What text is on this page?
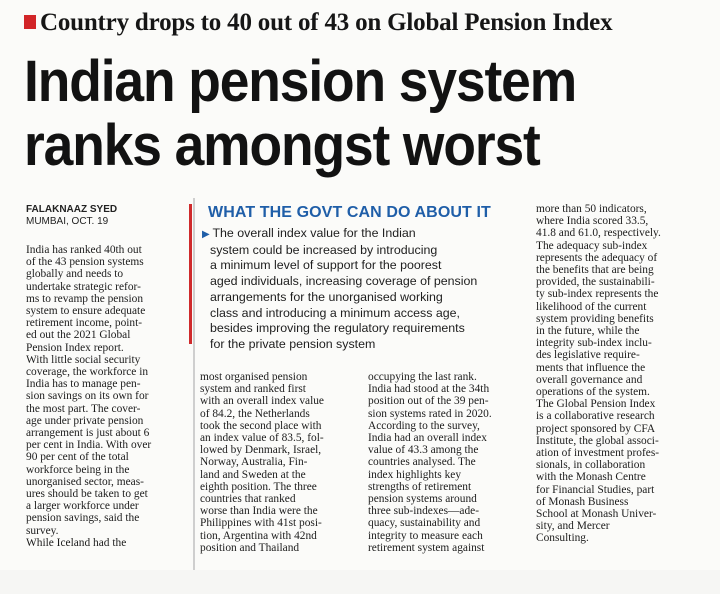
Country drops to 40 out of 43 on Global Pension Index
Indian pension system
ranks amongst worst
FALAKNAAZ SYED
MUMBAI, OCT. 19
India has ranked 40th out
of the 43 pension systems
globally and needs to
undertake strategic refor-
ms to revamp the pension
system to ensure adequate
retirement income, point-
ed out the 2021 Global
Pension Index report.
With little social security
coverage, the workforce in
India has to manage pen-
sion savings on its own for
the most part. The cover-
age under private pension
arrangement is just about 6
per cent in India. With over
90 per cent of the total
workforce being in the
unorganised sector, meas-
ures should be taken to get
a larger workforce under
pension savings, said the
survey.
While Iceland had the
WHAT THE GOVT CAN DO ABOUT IT
▶ The overall index value for the Indian
system could be increased by introducing
a minimum level of support for the poorest
aged individuals, increasing coverage of pension
arrangements for the unorganised working
class and introducing a minimum access age,
besides improving the regulatory requirements
for the private pension system
most organised pension
system and ranked first
with an overall index value
of 84.2, the Netherlands
took the second place with
an index value of 83.5, fol-
lowed by Denmark, Israel,
Norway, Australia, Fin-
land and Sweden at the
eighth position. The three
countries that ranked
worse than India were the
Philippines with 41st posi-
tion, Argentina with 42nd
position and Thailand
occupying the last rank.
India had stood at the 34th
position out of the 39 pen-
sion systems rated in 2020.
According to the survey,
India had an overall index
value of 43.3 among the
countries analysed. The
index highlights key
strengths of retirement
pension systems around
three sub-indexes—ade-
quacy, sustainability and
integrity to measure each
retirement system against
more than 50 indicators,
where India scored 33.5,
41.8 and 61.0, respectively.
The adequacy sub-index
represents the adequacy of
the benefits that are being
provided, the sustainabili-
ty sub-index represents the
likelihood of the current
system providing benefits
in the future, while the
integrity sub-index inclu-
des legislative require-
ments that influence the
overall governance and
operations of the system.
The Global Pension Index
is a collaborative research
project sponsored by CFA
Institute, the global associ-
ation of investment profes-
sionals, in collaboration
with the Monash Centre
for Financial Studies, part
of Monash Business
School at Monash Univer-
sity, and Mercer
Consulting.
